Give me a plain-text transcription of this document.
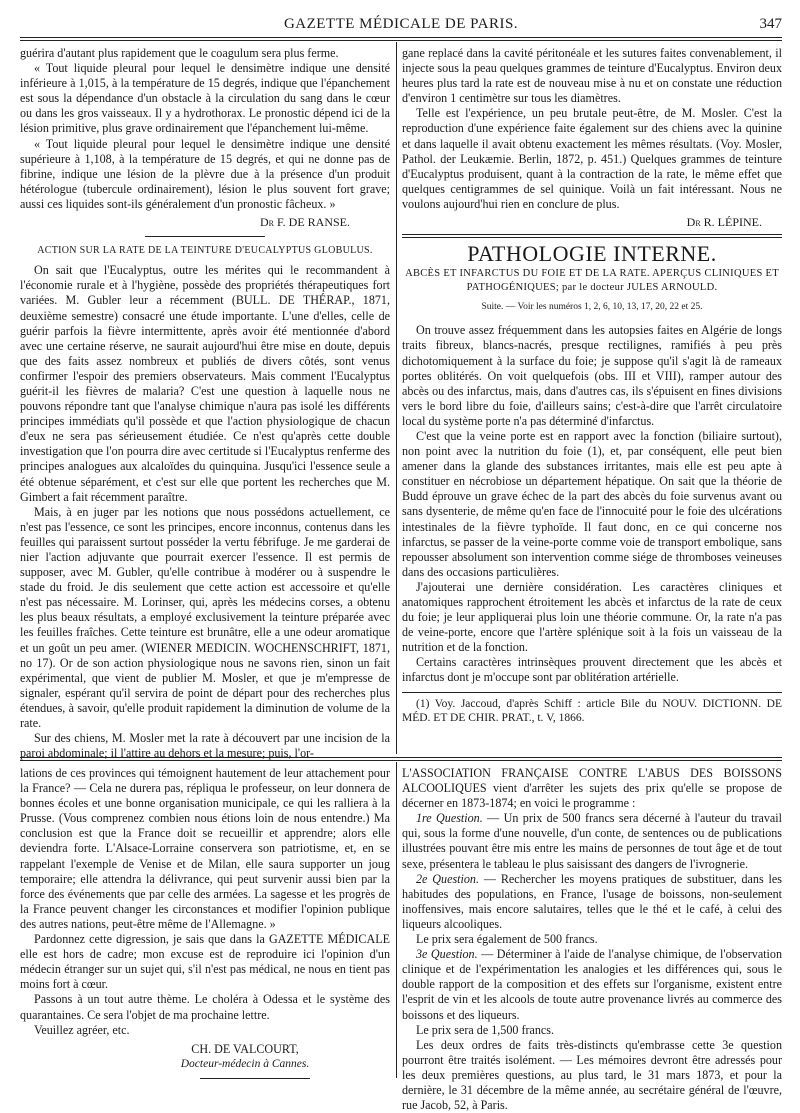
GAZETTE MÉDICALE DE PARIS.	347

guérira d'autant plus rapidement que le coagulum sera plus ferme.

« Tout liquide pleural pour lequel le densimètre indique une densité inférieure à 1,015, à la température de 15 degrés, indique que l'épanchement est sous la dépendance d'un obstacle à la circulation du sang dans le cœur ou dans les gros vaisseaux. Il y a hydrothorax. Le pronostic dépend ici de la lésion primitive, plus grave ordinairement que l'épanchement lui-même.

« Tout liquide pleural pour lequel le densimètre indique une densité supérieure à 1,108, à la température de 15 degrés, et qui ne donne pas de fibrine, indique une lésion de la plèvre due à la présence d'un produit hétérologue (tubercule ordinairement), lésion le plus souvent fort grave; aussi ces liquides sont-ils généralement d'un pronostic fâcheux. »

Dr F. DE RANSE.
ACTION SUR LA RATE DE LA TEINTURE D'EUCALYPTUS GLOBULUS.

On sait que l'Eucalyptus, outre les mérites qui le recommandent à l'économie rurale et à l'hygiène, possède des propriétés thérapeutiques fort variées. M. Gubler leur a récemment (BULL. DE THÉRAP., 1871, deuxième semestre) consacré une étude importante. L'une d'elles, celle de guérir parfois la fièvre intermittente, après avoir été mentionnée d'abord avec une certaine réserve, ne saurait aujourd'hui être mise en doute, depuis que des faits assez nombreux et publiés de divers côtés, sont venus confirmer l'espoir des premiers observateurs. Mais comment l'Eucalyptus guérit-il les fièvres de malaria? C'est une question à laquelle nous ne pouvons répondre tant que l'analyse chimique n'aura pas isolé les différents principes immédiats qu'il possède et que l'action physiologique de chacun d'eux ne sera pas sérieusement étudiée. Ce n'est qu'après cette double investigation que l'on pourra dire avec certitude si l'Eucalyptus renferme des principes analogues aux alcaloïdes du quinquina. Jusqu'ici l'essence seule a été obtenue séparément, et c'est sur elle que portent les recherches que M. Gimbert a fait récemment paraître.

Mais, à en juger par les notions que nous possédons actuellement, ce n'est pas l'essence, ce sont les principes, encore inconnus, contenus dans les feuilles qui paraissent surtout posséder la vertu fébrifuge. Je me garderai de nier l'action adjuvante que pourrait exercer l'essence. Il est permis de supposer, avec M. Gubler, qu'elle contribue à modérer ou à suspendre le stade du froid. Je dis seulement que cette action est accessoire et qu'elle n'est pas nécessaire. M. Lorinser, qui, après les médecins corses, a obtenu les plus beaux résultats, a employé exclusivement la teinture préparée avec les feuilles fraîches. Cette teinture est brunâtre, elle a une odeur aromatique et un goût un peu amer. (WIENER MEDICIN. WOCHENSCHRIFT, 1871, no 17). Or de son action physiologique nous ne savons rien, sinon un fait expérimental, que vient de publier M. Mosler, et que je m'empresse de signaler, espérant qu'il servira de point de départ pour des recherches plus étendues, à savoir, qu'elle produit rapidement la diminution de volume de la rate.

Sur des chiens, M. Mosler met la rate à découvert par une incision de la paroi abdominale; il l'attire au dehors et la mesure; puis, l'or-

gane replacé dans la cavité péritonéale et les sutures faites convenablement, il injecte sous la peau quelques grammes de teinture d'Eucalyptus. Environ deux heures plus tard la rate est de nouveau mise à nu et on constate une réduction d'environ 1 centimètre sur tous les diamètres.

Telle est l'expérience, un peu brutale peut-être, de M. Mosler. C'est la reproduction d'une expérience faite également sur des chiens avec la quinine et dans laquelle il avait obtenu exactement les mêmes résultats. (Voy. Mosler, Pathol. der Leukæmie. Berlin, 1872, p. 451.) Quelques grammes de teinture d'Eucalyptus produisent, quant à la contraction de la rate, le même effet que quelques centigrammes de sel quinique. Voilà un fait intéressant. Nous ne voulons aujourd'hui rien en conclure de plus.

Dr R. LÉPINE.
PATHOLOGIE INTERNE.
ABCÈS ET INFARCTUS DU FOIE ET DE LA RATE. APERÇUS CLINIQUES ET PATHOGÉNIQUES; par le docteur JULES ARNOULD.
Suite. — Voir les numéros 1, 2, 6, 10, 13, 17, 20, 22 et 25.

On trouve assez fréquemment dans les autopsies faites en Algérie de longs traits fibreux, blancs-nacrés, presque rectilignes, ramifiés à peu près dichotomiquement à la surface du foie; je suppose qu'il s'agit là de rameaux portes oblitérés. On voit quelquefois (obs. III et VIII), ramper autour des abcès ou des infarctus, mais, dans d'autres cas, ils s'épuisent en fines divisions vers le bord libre du foie, d'ailleurs sains; c'est-à-dire que l'arrêt circulatoire local du système porte n'a pas déterminé d'infarctus.

C'est que la veine porte est en rapport avec la fonction (biliaire surtout), non point avec la nutrition du foie (1), et, par conséquent, elle peut bien amener dans la glande des substances irritantes, mais elle est peu apte à constituer en nécrobiose un département hépatique. On sait que la théorie de Budd éprouve un grave échec de la part des abcès du foie survenus avant ou sans dysenterie, de même qu'en face de l'innocuité pour le foie des ulcérations intestinales de la fièvre typhoïde. Il faut donc, en ce qui concerne nos infarctus, se passer de la veine-porte comme voie de transport embolique, sans repousser absolument son intervention comme siége de thromboses veineuses dans des occasions particulières.

J'ajouterai une dernière considération. Les caractères cliniques et anatomiques rapprochent étroitement les abcès et infarctus de la rate de ceux du foie; je leur appliquerai plus loin une théorie commune. Or, la rate n'a pas de veine-porte, encore que l'artère splénique soit à la fois un vaisseau de la nutrition et de la fonction.

Certains caractères intrinsèques prouvent directement que les abcès et infarctus dont je m'occupe sont par oblitération artérielle.

(1) Voy. Jaccoud, d'après Schiff : article Bile du NOUV. DICTIONN. DE MÉD. ET DE CHIR. PRAT., t. V, 1866.

lations de ces provinces qui témoignent hautement de leur attachement pour la France? — Cela ne durera pas, répliqua le professeur, on leur donnera de bonnes écoles et une bonne organisation municipale, ce qui les ralliera à la Prusse. (Vous comprenez combien nous étions loin de nous entendre.) Ma conclusion est que la France doit se recueillir et apprendre; alors elle deviendra forte. L'Alsace-Lorraine conservera son patriotisme, et, en se rappelant l'exemple de Venise et de Milan, elle saura supporter un joug temporaire; elle attendra la délivrance, qui peut survenir aussi bien par la force des événements que par celle des armées. La sagesse et les progrès de la France peuvent changer les circonstances et modifier l'opinion publique des autres nations, peut-être même de l'Allemagne. »

Pardonnez cette digression, je sais que dans la GAZETTE MÉDICALE elle est hors de cadre; mon excuse est de reproduire ici l'opinion d'un médecin étranger sur un sujet qui, s'il n'est pas médical, ne nous en tient pas moins fort à cœur.

Passons à un tout autre thème. Le choléra à Odessa et le système des quarantaines. Ce sera l'objet de ma prochaine lettre.

Veuillez agréer, etc.

CH. DE VALCOURT,
Docteur-médecin à Cannes.

L'ASSOCIATION FRANÇAISE CONTRE L'ABUS DES BOISSONS ALCOOLIQUES vient d'arrêter les sujets des prix qu'elle se propose de décerner en 1873-1874; en voici le programme :

1re Question. — Un prix de 500 francs sera décerné à l'auteur du travail qui, sous la forme d'une nouvelle, d'un conte, de sentences ou de publications illustrées pouvant être mis entre les mains de personnes de tout âge et de tout sexe, présentera le tableau le plus saisissant des dangers de l'ivrognerie.

2e Question. — Rechercher les moyens pratiques de substituer, dans les habitudes des populations, en France, l'usage de boissons, non-seulement inoffensives, mais encore salutaires, telles que le thé et le café, à celui des liqueurs alcooliques.

Le prix sera également de 500 francs.

3e Question. — Déterminer à l'aide de l'analyse chimique, de l'observation clinique et de l'expérimentation les analogies et les différences qui, sous le double rapport de la composition et des effets sur l'organisme, existent entre l'esprit de vin et les alcools de toute autre provenance livrés au commerce des boissons et des liqueurs.

Le prix sera de 1,500 francs.

Les deux ordres de faits très-distincts qu'embrasse cette 3e question pourront être traités isolément. — Les mémoires devront être adressés pour les deux premières questions, au plus tard, le 31 mars 1873, et pour la dernière, le 31 décembre de la même année, au secrétaire général de l'œuvre, rue Jacob, 52, à Paris.
